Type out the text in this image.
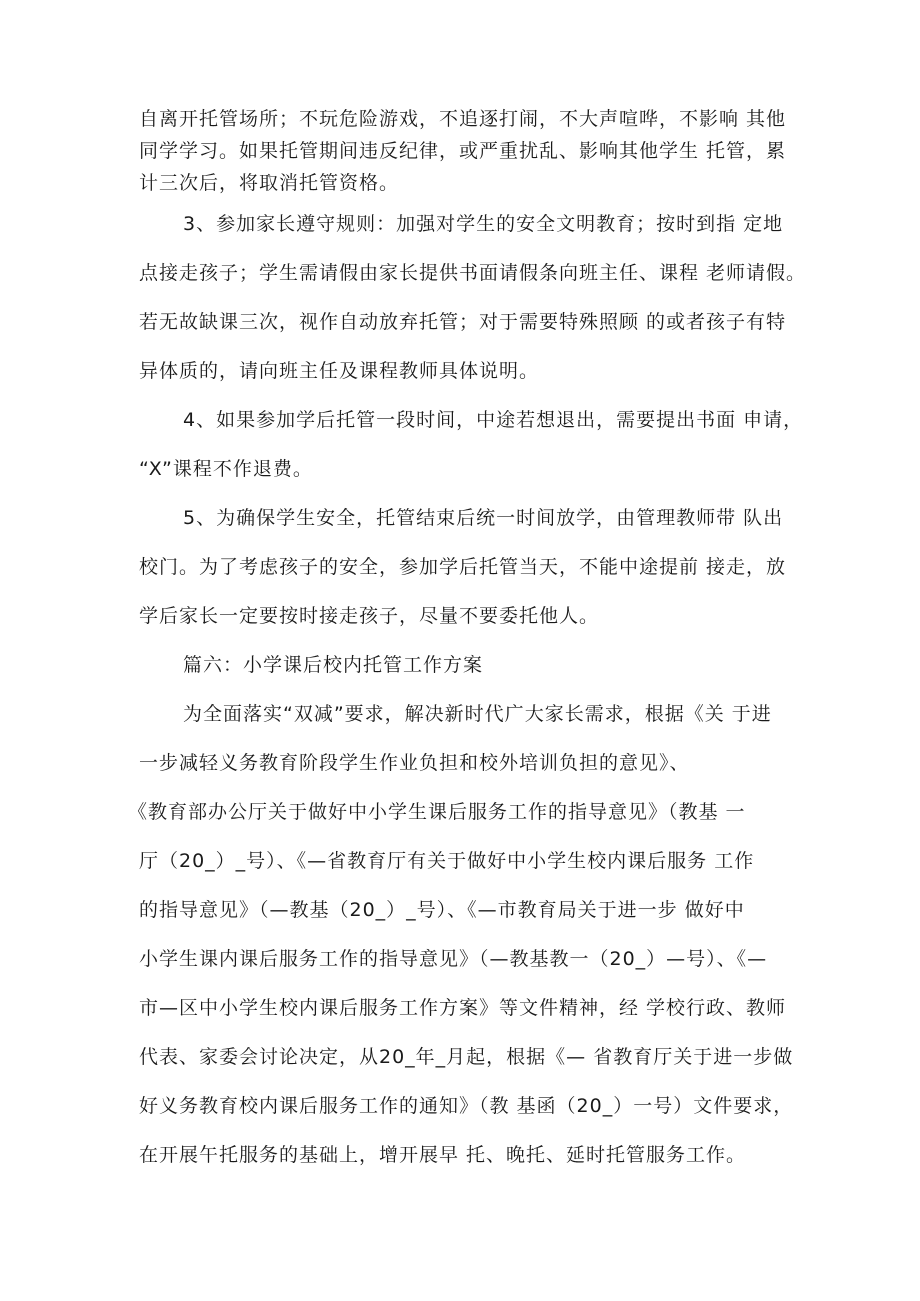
自离开托管场所；不玩危险游戏，不追逐打闹，不大声喧哗，不影响 其他
同学学习。如果托管期间违反纪律，或严重扰乱、影响其他学生 托管，累
计三次后，将取消托管资格。
3、参加家长遵守规则：加强对学生的安全文明教育；按时到指 定地
点接走孩子；学生需请假由家长提供书面请假条向班主任、课程 老师请假。
若无故缺课三次，视作自动放弃托管；对于需要特殊照顾 的或者孩子有特
异体质的，请向班主任及课程教师具体说明。
4、如果参加学后托管一段时间，中途若想退出，需要提出书面 申请，
“X”课程不作退费。
5、为确保学生安全，托管结束后统一时间放学，由管理教师带 队出
校门。为了考虑孩子的安全，参加学后托管当天，不能中途提前 接走，放
学后家长一定要按时接走孩子，尽量不要委托他人。
篇六：小学课后校内托管工作方案
为全面落实“双减”要求，解决新时代广大家长需求，根据《关 于进
一步减轻义务教育阶段学生作业负担和校外培训负担的意见》、
《教育部办公厅关于做好中小学生课后服务工作的指导意见》（教基 一
厅（20_）_号）、《—省教育厅有关于做好中小学生校内课后服务 工作
的指导意见》（—教基（20_）_号）、《—市教育局关于进一步 做好中
小学生课内课后服务工作的指导意见》（—教基教一（20_）—号）、《—
市—区中小学生校内课后服务工作方案》等文件精神，经 学校行政、教师
代表、家委会讨论决定，从20_年_月起，根据《— 省教育厅关于进一步做
好义务教育校内课后服务工作的通知》（教 基函（20_）一号）文件要求，
在开展午托服务的基础上，增开展早 托、晚托、延时托管服务工作。
